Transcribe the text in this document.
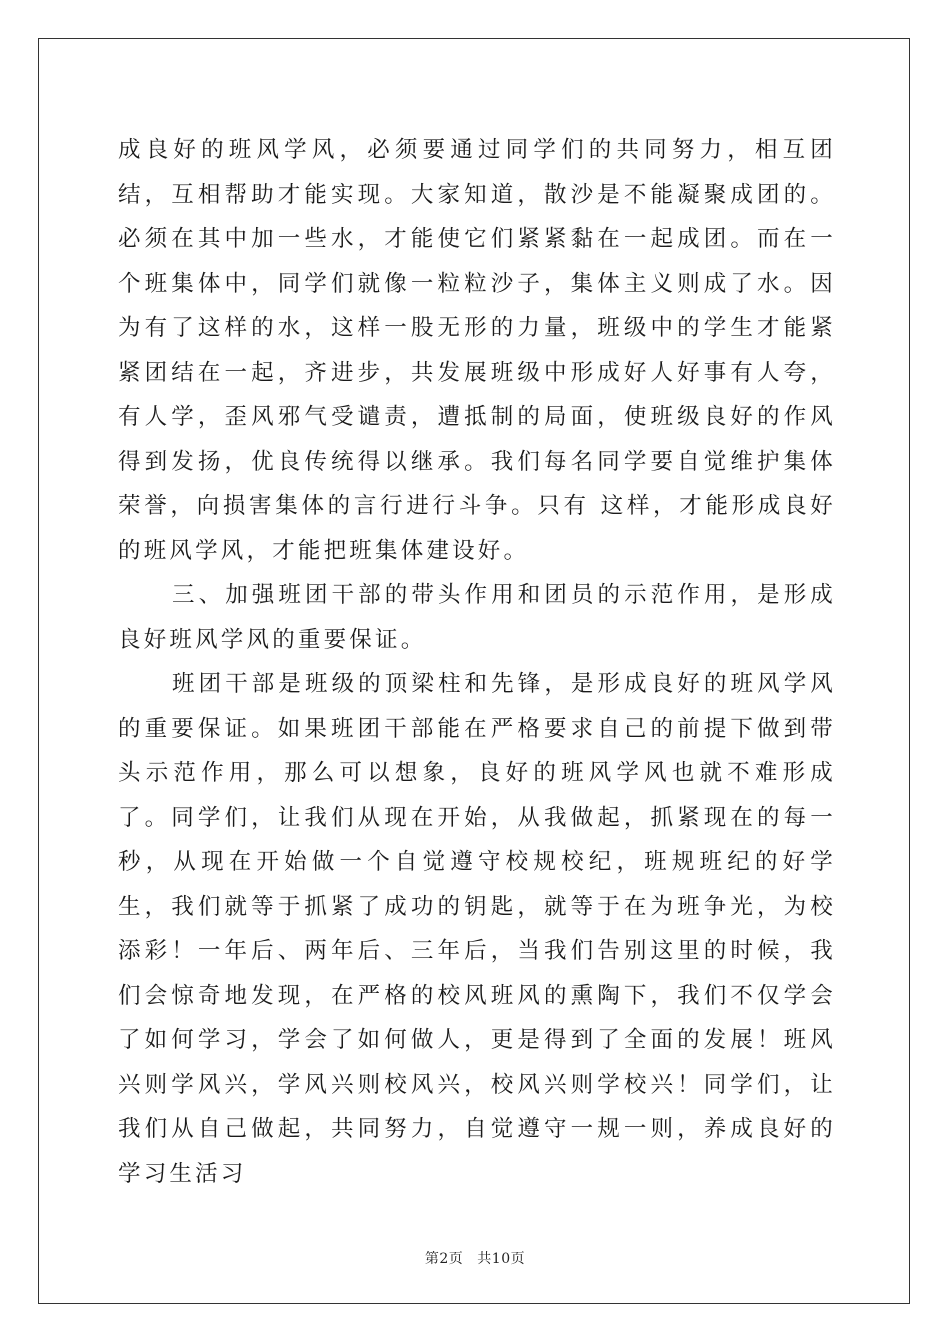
成良好的班风学风，必须要通过同学们的共同努力，相互团结，互相帮助才能实现。大家知道，散沙是不能凝聚成团的。必须在其中加一些水，才能使它们紧紧黏在一起成团。而在一个班集体中，同学们就像一粒粒沙子，集体主义则成了水。因为有了这样的水，这样一股无形的力量，班级中的学生才能紧紧团结在一起，齐进步，共发展班级中形成好人好事有人夸，有人学，歪风邪气受谴责，遭抵制的局面，使班级良好的作风得到发扬，优良传统得以继承。我们每名同学要自觉维护集体荣誉，向损害集体的言行进行斗争。只有 这样，才能形成良好的班风学风，才能把班集体建设好。

三、加强班团干部的带头作用和团员的示范作用，是形成良好班风学风的重要保证。

班团干部是班级的顶梁柱和先锋，是形成良好的班风学风的重要保证。如果班团干部能在严格要求自己的前提下做到带头示范作用，那么可以想象，良好的班风学风也就不难形成了。同学们，让我们从现在开始，从我做起，抓紧现在的每一秒，从现在开始做一个自觉遵守校规校纪，班规班纪的好学生，我们就等于抓紧了成功的钥匙，就等于在为班争光，为校添彩！一年后、两年后、三年后，当我们告别这里的时候，我们会惊奇地发现，在严格的校风班风的熏陶下，我们不仅学会了如何学习，学会了如何做人，更是得到了全面的发展！班风兴则学风兴，学风兴则校风兴，校风兴则学校兴！同学们，让我们从自己做起，共同努力，自觉遵守一规一则，养成良好的学习生活习

第2页 共10页
